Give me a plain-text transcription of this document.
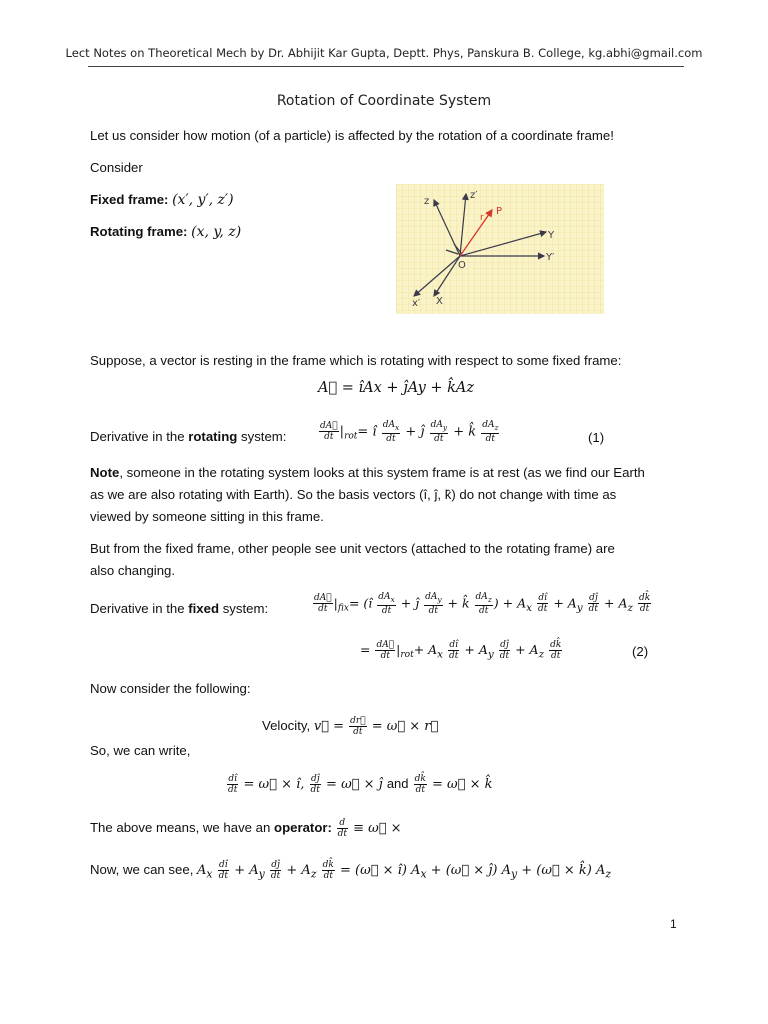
Lect Notes on Theoretical Mech by Dr. Abhijit Kar Gupta, Deptt. Phys, Panskura B. College, kg.abhi@gmail.com
Rotation of Coordinate System
Let us consider how motion (of a particle) is affected by the rotation of a coordinate frame!
Consider
Fixed frame: (x′, y′, z′)
Rotating frame: (x, y, z)
z
z′
P
r
Y
Y′
O
x′ X
Suppose, a vector is resting in the frame which is rotating with respect to some fixed frame:
A⃗ = îAx + ĵAy + k̂Az
Derivative in the rotating system:	$\frac{dA⃗}{dt} |_{rot}=$ î $\frac{dA_x}{dt}$ + ĵ $\frac{dA_y}{dt}$ + k̂ $\frac{dA_z}{dt}$	(1)
Note, someone in the rotating system looks at this system frame is at rest (as we find our Earth
as we are also rotating with Earth). So the basis vectors (î, ĵ, k̂) do not change with time as
viewed by someone sitting in this frame.
But from the fixed frame, other people see unit vectors (attached to the rotating frame) are
also changing.
Derivative in the fixed system:	$\frac{dA⃗}{dt} |_{fix}=$ (î $\frac{dA_x}{dt}$ + ĵ $\frac{dA_y}{dt}$ + k̂ $\frac{dA_z}{dt}$ ) + $A_x \frac{dî}{dt} + A_y \frac{dĵ}{dt} + A_z \frac{dk̂}{dt}$
= $\frac{dA⃗}{dt} |_{rot}+ A_x \frac{dî}{dt} + A_y \frac{dĵ}{dt} + A_z \frac{dk̂}{dt}$	(2)
Now consider the following:
Velocity, v⃗ = $\frac{dr⃗}{dt}$ = ω⃗ × r⃗
So, we can write,
$\frac{dî}{dt}$ = ω⃗ × î, $\frac{dĵ}{dt}$ = ω⃗ × ĵ and $\frac{dk̂}{dt}$ = ω⃗ × k̂
The above means, we have an operator: $\frac{d}{dt}$ ≡ ω⃗ ×
Now, we can see, $A_x \frac{dî}{dt} + A_y \frac{dĵ}{dt} + A_z \frac{dk̂}{dt}$ = (ω⃗ × î) $A_x$ + (ω⃗ × ĵ) $A_y$ + (ω⃗ × k̂) $A_z$
1
